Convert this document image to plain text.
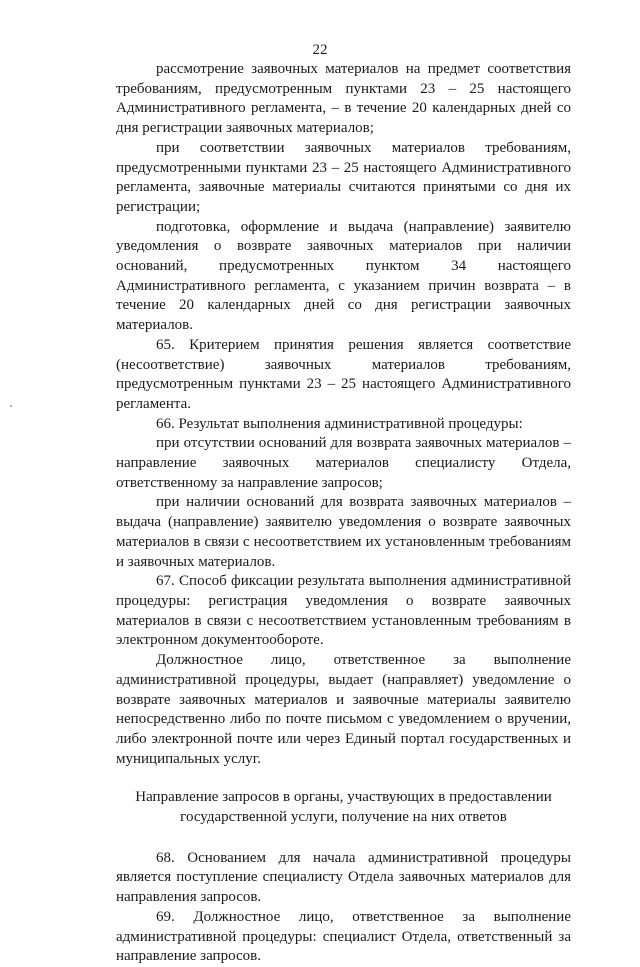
22

рассмотрение заявочных материалов на предмет соответствия требованиям, предусмотренным пунктами 23 – 25 настоящего Административного регламента, – в течение 20 календарных дней со дня регистрации заявочных материалов;

при соответствии заявочных материалов требованиям, предусмотренными пунктами 23 – 25 настоящего Административного регламента, заявочные материалы считаются принятыми со дня их регистрации;

подготовка, оформление и выдача (направление) заявителю уведомления о возврате заявочных материалов при наличии оснований, предусмотренных пунктом 34 настоящего Административного регламента, с указанием причин возврата – в течение 20 календарных дней со дня регистрации заявочных материалов.

65. Критерием принятия решения является соответствие (несоответствие) заявочных материалов требованиям, предусмотренным пунктами 23 – 25 настоящего Административного регламента.

66. Результат выполнения административной процедуры:

при отсутствии оснований для возврата заявочных материалов – направление заявочных материалов специалисту Отдела, ответственному за направление запросов;

при наличии оснований для возврата заявочных материалов – выдача (направление) заявителю уведомления о возврате заявочных материалов в связи с несоответствием их установленным требованиям и заявочных материалов.

67. Способ фиксации результата выполнения административной процедуры: регистрация уведомления о возврате заявочных материалов в связи с несоответствием установленным требованиям в электронном документообороте.

Должностное лицо, ответственное за выполнение административной процедуры, выдает (направляет) уведомление о возврате заявочных материалов и заявочные материалы заявителю непосредственно либо по почте письмом с уведомлением о вручении, либо электронной почте или через Единый портал государственных и муниципальных услуг.

Направление запросов в органы, участвующих в предоставлении государственной услуги, получение на них ответов

68. Основанием для начала административной процедуры является поступление специалисту Отдела заявочных материалов для направления запросов.

69. Должностное лицо, ответственное за выполнение административной процедуры: специалист Отдела, ответственный за направление запросов.
